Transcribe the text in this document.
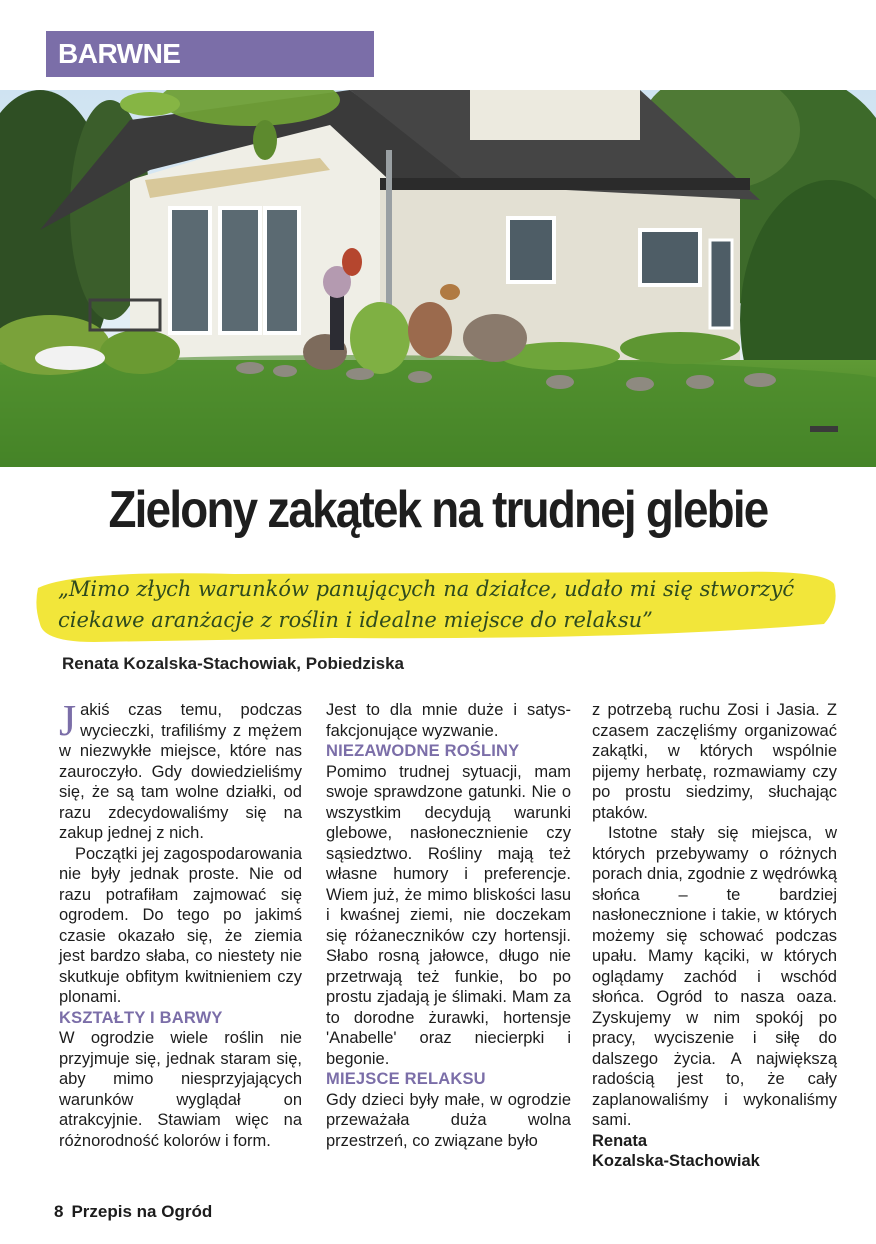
BARWNE
Zielony zakątek na trudnej glebie
„Mimo złych warunków panujących na działce, udało mi się stworzyć ciekawe aranżacje z roślin i idealne miejsce do relaksu”
Renata Kozalska-Stachowiak, Pobiedziska

Jakiś czas temu, podczas wycieczki, trafiliśmy z mężem w niezwykłe miejsce, które nas zauroczyło. Gdy dowiedzieliśmy się, że są tam wolne działki, od razu zdecydowaliśmy się na zakup jednej z nich.

Początki jej zagospodarowania nie były jednak proste. Nie od razu potrafiłam zajmować się ogrodem. Do tego po jakimś czasie okazało się, że ziemia jest bardzo słaba, co niestety nie skutkuje obfitym kwitnieniem czy plonami.

KSZTAŁTY I BARWY

W ogrodzie wiele roślin nie przyjmuje się, jednak staram się, aby mimo niesprzyjających warunków wyglądał on atrakcyjnie. Stawiam więc na różnorodność kolorów i form.

Jest to dla mnie duże i satysfakcjonujące wyzwanie.

NIEZAWODNE ROŚLINY

Pomimo trudnej sytuacji, mam swoje sprawdzone gatunki. Nie o wszystkim decydują warunki glebowe, nasłonecznienie czy sąsiedztwo. Rośliny mają też własne humory i preferencje. Wiem już, że mimo bliskości lasu i kwaśnej ziemi, nie doczekam się różaneczników czy hortensji. Słabo rosną jałowce, długo nie przetrwają też funkie, bo po prostu zjadają je ślimaki. Mam za to dorodne żurawki, hortensje 'Anabelle' oraz niecierpki i begonie.

MIEJSCE RELAKSU

Gdy dzieci były małe, w ogrodzie przeważała duża wolna przestrzeń, co związane było

z potrzebą ruchu Zosi i Jasia. Z czasem zaczęliśmy organizować zakątki, w których wspólnie pijemy herbatę, rozmawiamy czy po prostu siedzimy, słuchając ptaków.

Istotne stały się miejsca, w których przebywamy o różnych porach dnia, zgodnie z wędrówką słońca – te bardziej nasłonecznione i takie, w których możemy się schować podczas upału. Mamy kąciki, w których oglądamy zachód i wschód słońca. Ogród to nasza oaza. Zyskujemy w nim spokój po pracy, wyciszenie i siłę do dalszego życia. A największą radością jest to, że cały zaplanowaliśmy i wykonaliśmy sami.

Renata
Kozalska-Stachowiak

8 Przepis na Ogród
